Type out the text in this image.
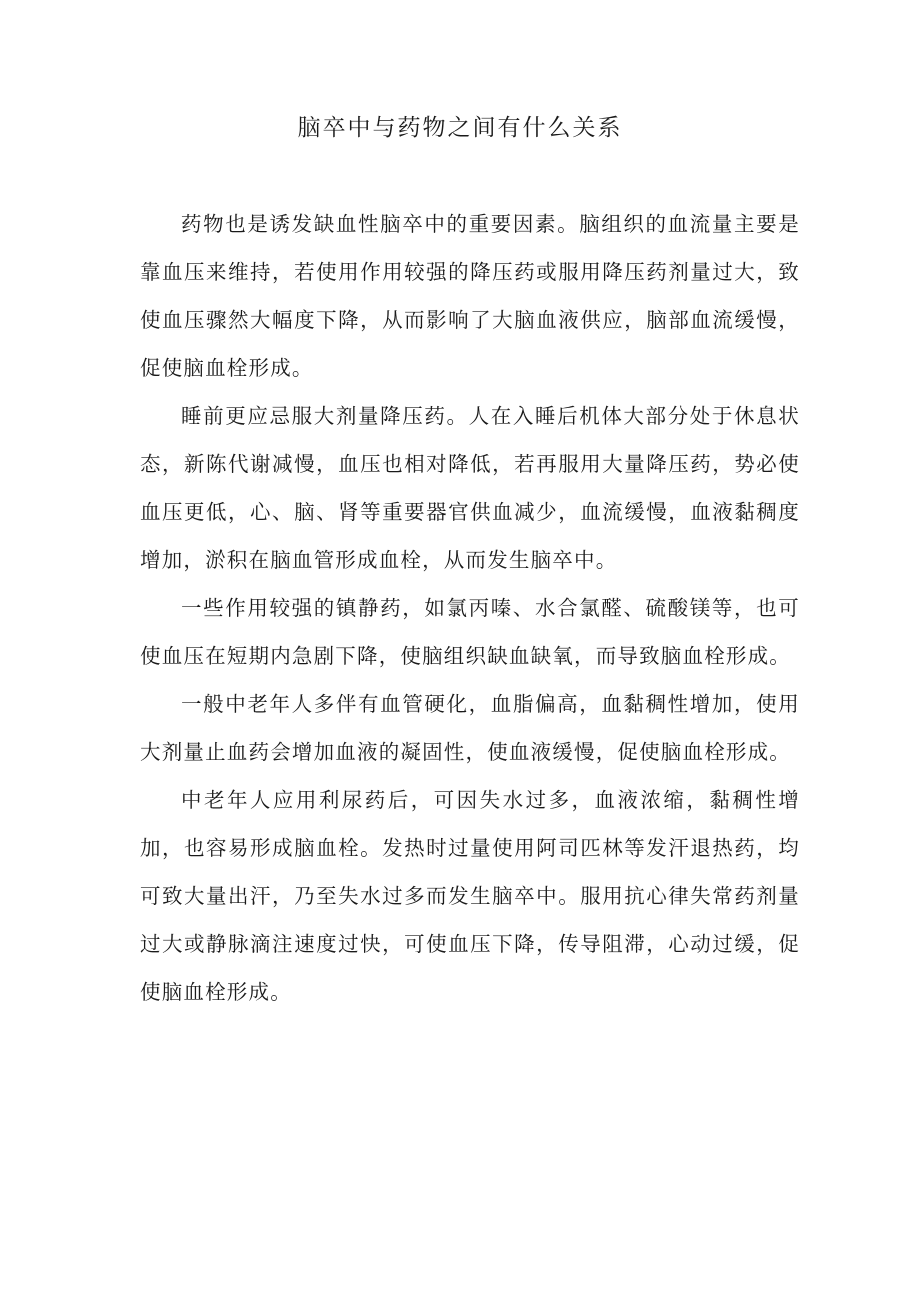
脑卒中与药物之间有什么关系

药物也是诱发缺血性脑卒中的重要因素。脑组织的血流量主要是靠血压来维持，若使用作用较强的降压药或服用降压药剂量过大，致使血压骤然大幅度下降，从而影响了大脑血液供应，脑部血流缓慢，促使脑血栓形成。

睡前更应忌服大剂量降压药。人在入睡后机体大部分处于休息状态，新陈代谢减慢，血压也相对降低，若再服用大量降压药，势必使血压更低，心、脑、肾等重要器官供血减少，血流缓慢，血液黏稠度增加，淤积在脑血管形成血栓，从而发生脑卒中。

一些作用较强的镇静药，如氯丙嗪、水合氯醛、硫酸镁等，也可使血压在短期内急剧下降，使脑组织缺血缺氧，而导致脑血栓形成。

一般中老年人多伴有血管硬化，血脂偏高，血黏稠性增加，使用大剂量止血药会增加血液的凝固性，使血液缓慢，促使脑血栓形成。

中老年人应用利尿药后，可因失水过多，血液浓缩，黏稠性增加，也容易形成脑血栓。发热时过量使用阿司匹林等发汗退热药，均可致大量出汗，乃至失水过多而发生脑卒中。服用抗心律失常药剂量过大或静脉滴注速度过快，可使血压下降，传导阻滞，心动过缓，促使脑血栓形成。
